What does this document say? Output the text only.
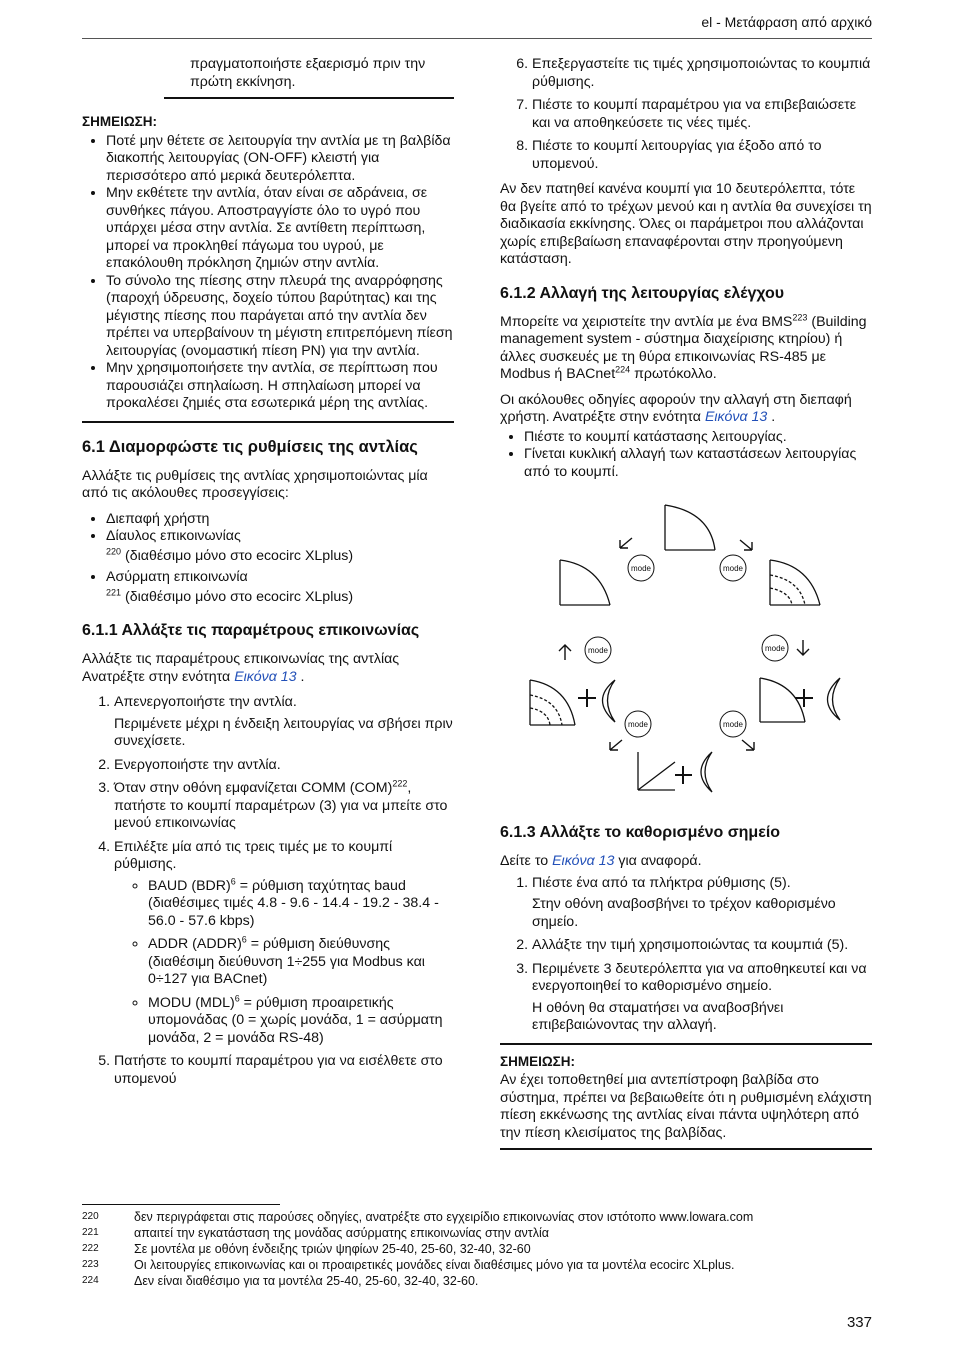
el - Μετάφραση από αρχικό

πραγματοποιήστε εξαερισμό πριν την πρώτη εκκίνηση.

ΣΗΜΕΙΩΣΗ:
• Ποτέ μην θέτετε σε λειτουργία την αντλία με τη βαλβίδα διακοπής λειτουργίας (ON-OFF) κλειστή για περισσότερο από μερικά δευτερόλεπτα.
• Μην εκθέτετε την αντλία, όταν είναι σε αδράνεια, σε συνθήκες πάγου. Αποστραγγίστε όλο το υγρό που υπάρχει μέσα στην αντλία. Σε αντίθετη περίπτωση, μπορεί να προκληθεί πάγωμα του υγρού, με επακόλουθη πρόκληση ζημιών στην αντλία.
• Το σύνολο της πίεσης στην πλευρά της αναρρόφησης (παροχή ύδρευσης, δοχείο τύπου βαρύτητας) και της μέγιστης πίεσης που παράγεται από την αντλία δεν πρέπει να υπερβαίνουν τη μέγιστη επιτρεπόμενη πίεση λειτουργίας (ονομαστική πίεση PN) για την αντλία.
• Μην χρησιμοποιήσετε την αντλία, σε περίπτωση που παρουσιάζει σπηλαίωση. Η σπηλαίωση μπορεί να προκαλέσει ζημιές στα εσωτερικά μέρη της αντλίας.
6.1 Διαμορφώστε τις ρυθμίσεις της αντλίας

Αλλάξτε τις ρυθμίσεις της αντλίας χρησιμοποιώντας μία από τις ακόλουθες προσεγγίσεις:

• Διεπαφή χρήστη
• Δίαυλος επικοινωνίας
$^{220}$ (διαθέσιμο μόνο στο ecocirc XLplus)
• Ασύρματη επικοινωνία
$^{221}$ (διαθέσιμο μόνο στο ecocirc XLplus)
6.1.1 Αλλάξτε τις παραμέτρους επικοινωνίας

Αλλάξτε τις παραμέτρους επικοινωνίας της αντλίας Ανατρέξτε στην ενότητα Εικόνα 13 .

1. Απενεργοποιήστε την αντλία.

Περιμένετε μέχρι η ένδειξη λειτουργίας να σβήσει πριν συνεχίσετε.

2. Ενεργοποιήστε την αντλία.
3. Όταν στην οθόνη εμφανίζεται COMM (COM)$^{222}$, πατήστε το κουμπί παραμέτρων (3) για να μπείτε στο μενού επικοινωνίας
4. Επιλέξτε μία από τις τρεις τιμές με το κουμπί ρύθμισης.
◦ BAUD (BDR)$^6$ = ρύθμιση ταχύτητας baud (διαθέσιμες τιμές 4.8 - 9.6 - 14.4 - 19.2 - 38.4 - 56.0 - 57.6 kbps)
◦ ADDR (ADDR)$^6$ = ρύθμιση διεύθυνσης (διαθέσιμη διεύθυνση 1÷255 για Modbus και 0÷127 για BACnet)
◦ MODU (MDL)$^6$ = ρύθμιση προαιρετικής υπομονάδας (0 = χωρίς μονάδα, 1 = ασύρματη μονάδα, 2 = μονάδα RS-48)
5. Πατήστε το κουμπί παραμέτρου για να εισέλθετε στο υπομενού
6. Επεξεργαστείτε τις τιμές χρησιμοποιώντας το κουμπιά ρύθμισης.
7. Πιέστε το κουμπί παραμέτρου για να επιβεβαιώσετε και να αποθηκεύσετε τις νέες τιμές.
8. Πιέστε το κουμπί λειτουργίας για έξοδο από το υπομενού.

Αν δεν πατηθεί κανένα κουμπί για 10 δευτερόλεπτα, τότε θα βγείτε από το τρέχων μενού και η αντλία θα συνεχίσει τη διαδικασία εκκίνησης. Όλες οι παράμετροι που αλλάζονται χωρίς επιβεβαίωση επαναφέρονται στην προηγούμενη κατάσταση.

6.1.2 Αλλαγή της λειτουργίας ελέγχου

Μπορείτε να χειριστείτε την αντλία με ένα BMS$^{223}$ (Building management system - σύστημα διαχείρισης κτηρίου) ή άλλες συσκευές με τη θύρα επικοινωνίας RS-485 με Modbus ή BACnet$^{224}$ πρωτόκολλο.

Οι ακόλουθες οδηγίες αφορούν την αλλαγή στη διεπαφή χρήστη. Ανατρέξτε στην ενότητα Εικόνα 13 .

• Πιέστε το κουμπί κατάστασης λειτουργίας.
• Γίνεται κυκλική αλλαγή των καταστάσεων λειτουργίας από το κουμπί.
mode	mode
mode	mode
mode	mode
6.1.3 Αλλάξτε το καθορισμένο σημείο

Δείτε το Εικόνα 13 για αναφορά.

1. Πιέστε ένα από τα πλήκτρα ρύθμισης (5).

Στην οθόνη αναβοσβήνει το τρέχον καθορισμένο σημείο.

2. Αλλάξτε την τιμή χρησιμοποιώντας τα κουμπιά (5).
3. Περιμένετε 3 δευτερόλεπτα για να αποθηκευτεί και να ενεργοποιηθεί το καθορισμένο σημείο.

Η οθόνη θα σταματήσει να αναβοσβήνει επιβεβαιώνοντας την αλλαγή.

ΣΗΜΕΙΩΣΗ:

Αν έχει τοποθετηθεί μια αντεπίστροφη βαλβίδα στο σύστημα, πρέπει να βεβαιωθείτε ότι η ρυθμισμένη ελάχιστη πίεση εκκένωσης της αντλίας είναι πάντα υψηλότερη από την πίεση κλεισίματος της βαλβίδας.

220	δεν περιγράφεται στις παρούσες οδηγίες, ανατρέξτε στο εγχειρίδιο επικοινωνίας στον ιστότοπο www.lowara.com
221	απαιτεί την εγκατάσταση της μονάδας ασύρματης επικοινωνίας στην αντλία
222	Σε μοντέλα με οθόνη ένδειξης τριών ψηφίων 25-40, 25-60, 32-40, 32-60
223	Οι λειτουργίες επικοινωνίας και οι προαιρετικές μονάδες είναι διαθέσιμες μόνο για τα μοντέλα ecocirc XLplus.
224	Δεν είναι διαθέσιμο για τα μοντέλα 25-40, 25-60, 32-40, 32-60.
337
